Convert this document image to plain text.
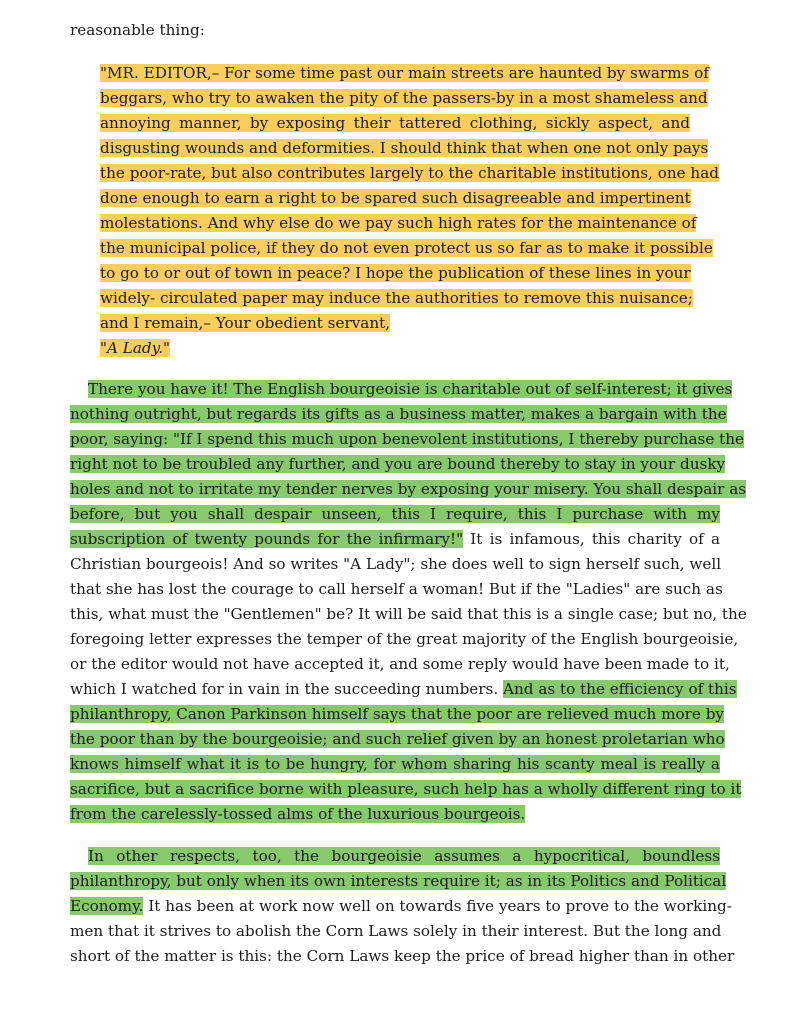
reasonable thing:
"MR. EDITOR,– For some time past our main streets are haunted by swarms of
beggars, who try to awaken the pity of the passers-by in a most shameless and
annoying manner, by exposing their tattered clothing, sickly aspect, and
disgusting wounds and deformities. I should think that when one not only pays
the poor-rate, but also contributes largely to the charitable institutions, one had
done enough to earn a right to be spared such disagreeable and impertinent
molestations. And why else do we pay such high rates for the maintenance of
the municipal police, if they do not even protect us so far as to make it possible
to go to or out of town in peace? I hope the publication of these lines in your
widely- circulated paper may induce the authorities to remove this nuisance;
and I remain,– Your obedient servant,
"A Lady."
There you have it! The English bourgeoisie is charitable out of self-interest; it gives
nothing outright, but regards its gifts as a business matter, makes a bargain with the
poor, saying: "If I spend this much upon benevolent institutions, I thereby purchase the
right not to be troubled any further, and you are bound thereby to stay in your dusky
holes and not to irritate my tender nerves by exposing your misery. You shall despair as
before, but you shall despair unseen, this I require, this I purchase with my
subscription of twenty pounds for the infirmary!" It is infamous, this charity of a
Christian bourgeois! And so writes "A Lady"; she does well to sign herself such, well
that she has lost the courage to call herself a woman! But if the "Ladies" are such as
this, what must the "Gentlemen" be? It will be said that this is a single case; but no, the
foregoing letter expresses the temper of the great majority of the English bourgeoisie,
or the editor would not have accepted it, and some reply would have been made to it,
which I watched for in vain in the succeeding numbers. And as to the efficiency of this
philanthropy, Canon Parkinson himself says that the poor are relieved much more by
the poor than by the bourgeoisie; and such relief given by an honest proletarian who
knows himself what it is to be hungry, for whom sharing his scanty meal is really a
sacrifice, but a sacrifice borne with pleasure, such help has a wholly different ring to it
from the carelessly-tossed alms of the luxurious bourgeois.
In other respects, too, the bourgeoisie assumes a hypocritical, boundless
philanthropy, but only when its own interests require it; as in its Politics and Political
Economy. It has been at work now well on towards five years to prove to the working-
men that it strives to abolish the Corn Laws solely in their interest. But the long and
short of the matter is this: the Corn Laws keep the price of bread higher than in other
